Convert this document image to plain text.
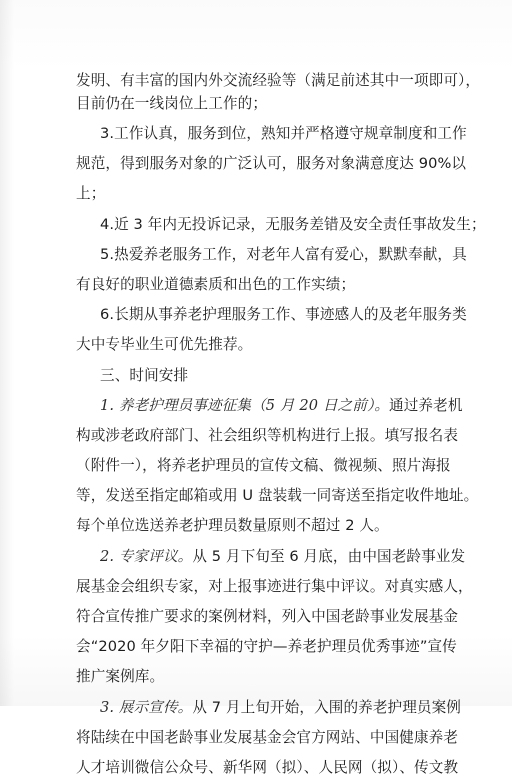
发明、有丰富的国内外交流经验等（满足前述其中一项即可），
目前仍在一线岗位上工作的；
3.工作认真，服务到位，熟知并严格遵守规章制度和工作
规范，得到服务对象的广泛认可，服务对象满意度达 90%以
上；
4.近 3 年内无投诉记录，无服务差错及安全责任事故发生；
5.热爱养老服务工作，对老年人富有爱心，默默奉献，具
有良好的职业道德素质和出色的工作实绩；
6.长期从事养老护理服务工作、事迹感人的及老年服务类
大中专毕业生可优先推荐。
三、时间安排
1. 养老护理员事迹征集（5 月 20 日之前）。通过养老机
构或涉老政府部门、社会组织等机构进行上报。填写报名表
（附件一），将养老护理员的宣传文稿、微视频、照片海报
等，发送至指定邮箱或用 U 盘装载一同寄送至指定收件地址。
每个单位选送养老护理员数量原则不超过 2 人。
2. 专家评议。从 5 月下旬至 6 月底，由中国老龄事业发
展基金会组织专家，对上报事迹进行集中评议。对真实感人，
符合宣传推广要求的案例材料，列入中国老龄事业发展基金
会“2020 年夕阳下幸福的守护—养老护理员优秀事迹”宣传
推广案例库。
3. 展示宣传。从 7 月上旬开始，入围的养老护理员案例
将陆续在中国老龄事业发展基金会官方网站、中国健康养老
人才培训微信公众号、新华网（拟）、人民网（拟）、传文教
